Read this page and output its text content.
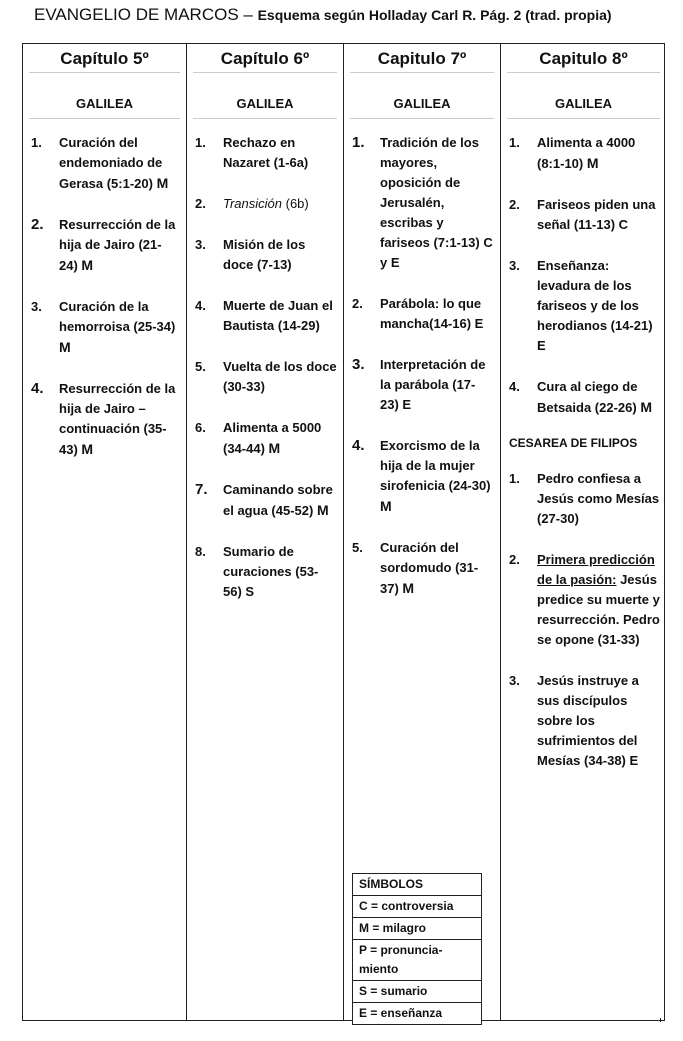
EVANGELIO DE MARCOS – Esquema según Holladay Carl R. Pág. 2 (trad. propia)
Capítulo 5º
GALILEA
1.	Curación del endemoniado de Gerasa (5:1-20) M
2.	Resurrección de la hija de Jairo (21-24) M
3.	Curación de la hemorroisa (25-34) M
4.	Resurrección de la hija de Jairo – continuación (35-43) M
Capítulo 6º
GALILEA
1.	Rechazo en Nazaret (1-6a)
2.	Transición (6b)
3.	Misión de los doce (7-13)
4.	Muerte de Juan el Bautista (14-29)
5.	Vuelta de los doce (30-33)
6.	Alimenta a 5000 (34-44) M
7.	Caminando sobre el agua (45-52) M
8.	Sumario de curaciones (53-56) S
Capitulo 7º
GALILEA
1.	Tradición de los mayores, oposición de Jerusalén, escribas y fariseos (7:1-13) C y E
2.	Parábola: lo que mancha(14-16) E
3.	Interpretación de la parábola (17-23) E
4.	Exorcismo de la hija de la mujer sirofenicia (24-30) M
5.	Curación del sordomudo (31-37) M
Capitulo 8º
GALILEA
1.	Alimenta a 4000 (8:1-10) M
2.	Fariseos piden una señal (11-13) C
3.	Enseñanza: levadura de los fariseos y de los herodianos (14-21) E
4.	Cura al ciego de Betsaida (22-26) M
CESAREA DE FILIPOS
1.	Pedro confiesa a Jesús como Mesías (27-30)
2.	Primera predicción de la pasión: Jesús predice su muerte y resurrección. Pedro se opone (31-33)
3.	Jesús instruye a sus discípulos sobre los sufrimientos del Mesías (34-38) E
SÍMBOLOS
C = controversia
M = milagro
P = pronuncia-miento
S = sumario
E = enseñanza
